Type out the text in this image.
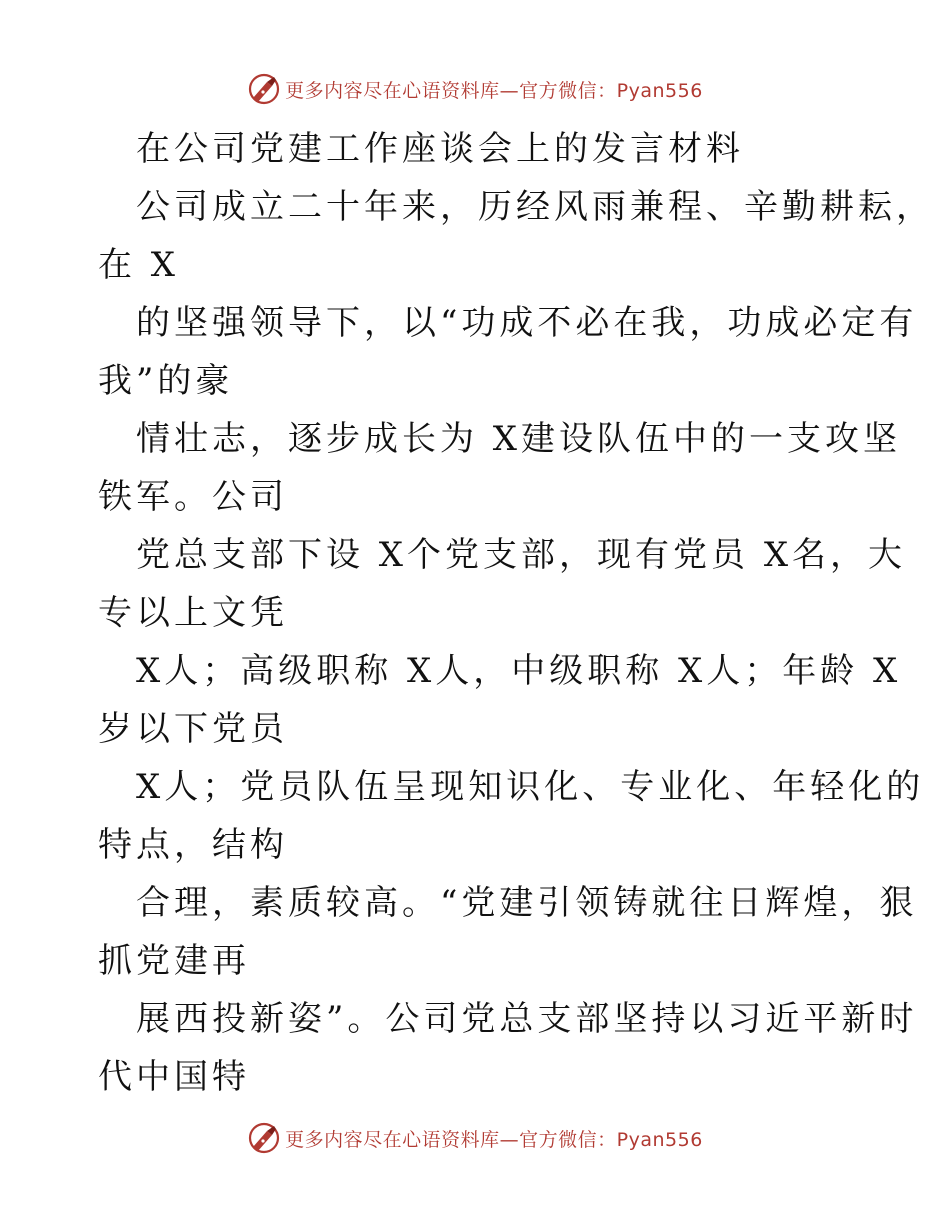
更多内容尽在心语资料库—官方微信：Pyan556
在公司党建工作座谈会上的发言材料
公司成立二十年来，历经风雨兼程、辛勤耕耘，
在 X
的坚强领导下，以“功成不必在我，功成必定有
我”的豪
情壮志，逐步成长为 X建设队伍中的一支攻坚
铁军。公司
党总支部下设 X个党支部，现有党员 X名，大
专以上文凭
X人；高级职称 X人，中级职称 X人；年龄 X
岁以下党员
X人；党员队伍呈现知识化、专业化、年轻化的
特点，结构
合理，素质较高。“党建引领铸就往日辉煌，狠
抓党建再
展西投新姿”。公司党总支部坚持以习近平新时
代中国特
更多内容尽在心语资料库—官方微信：Pyan556
